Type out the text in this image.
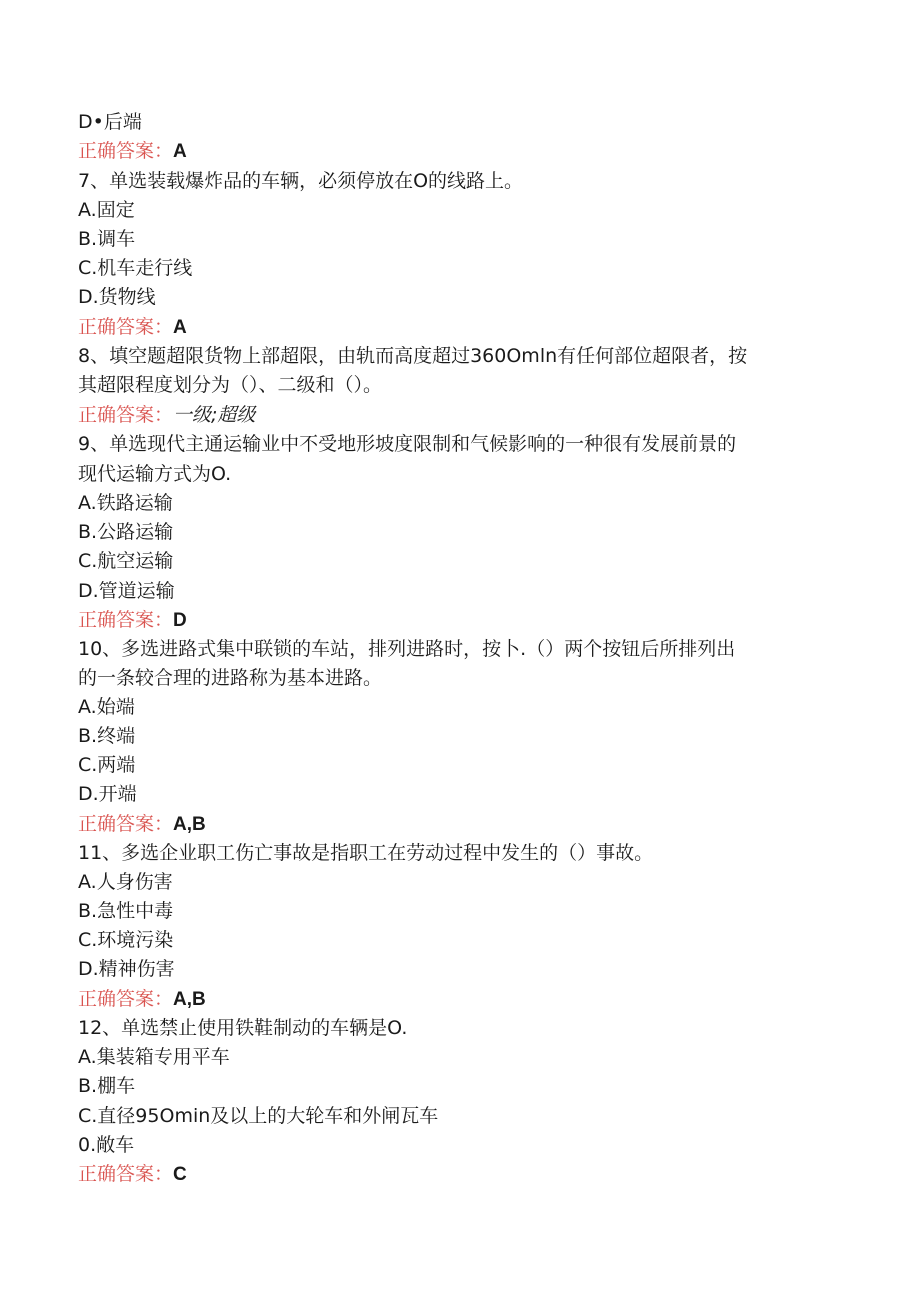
D•后端
正确答案：A
7、单选装载爆炸品的车辆，必须停放在O的线路上。
A.固定
B.调车
C.机车走行线
D.货物线
正确答案：A
8、填空题超限货物上部超限，由轨而高度超过360Omln有任何部位超限者，按
其超限程度划分为（）、二级和（）。
正确答案：一级;超级
9、单选现代主通运输业中不受地形坡度限制和气候影响的一种很有发展前景的
现代运输方式为O.
A.铁路运输
B.公路运输
C.航空运输
D.管道运输
正确答案：D
10、多选进路式集中联锁的车站，排列进路时，按卜.（）两个按钮后所排列出
的一条较合理的进路称为基本进路。
A.始端
B.终端
C.两端
D.开端
正确答案：A,B
11、多选企业职工伤亡事故是指职工在劳动过程中发生的（）事故。
A.人身伤害
B.急性中毒
C.环境污染
D.精神伤害
正确答案：A,B
12、单选禁止使用铁鞋制动的车辆是O.
A.集装箱专用平车
B.棚车
C.直径95Omin及以上的大轮车和外闸瓦车
0.敞车
正确答案：C
